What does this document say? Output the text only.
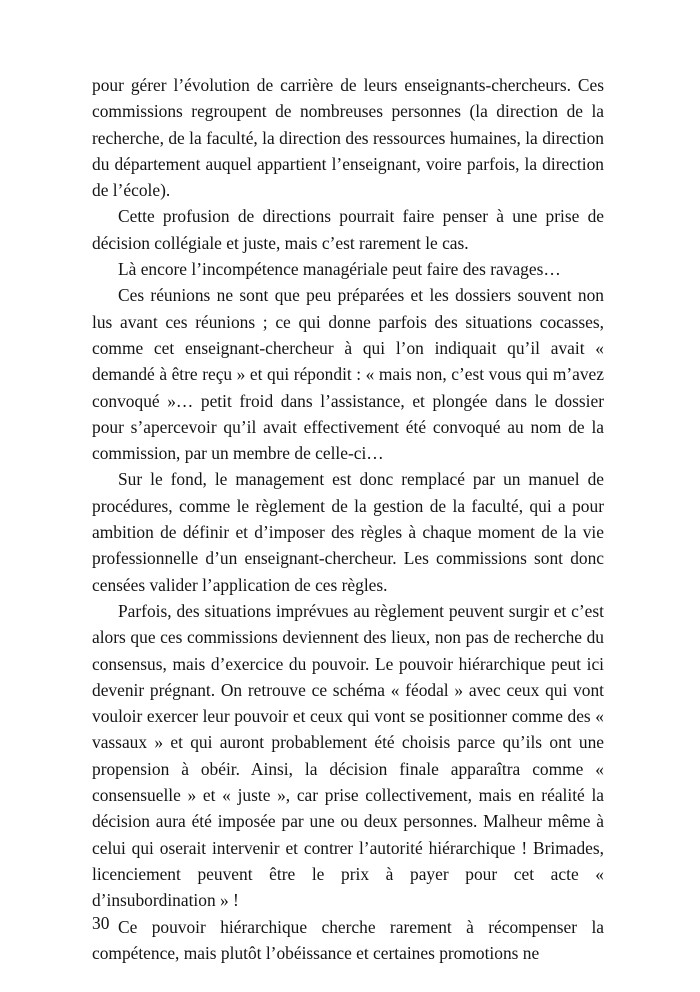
pour gérer l’évolution de carrière de leurs enseignants-chercheurs. Ces commissions regroupent de nombreuses personnes (la direction de la recherche, de la faculté, la direction des ressources humaines, la direction du département auquel appartient l’enseignant, voire parfois, la direction de l’école).

Cette profusion de directions pourrait faire penser à une prise de décision collégiale et juste, mais c’est rarement le cas.

Là encore l’incompétence managériale peut faire des ravages…

Ces réunions ne sont que peu préparées et les dossiers souvent non lus avant ces réunions ; ce qui donne parfois des situations cocasses, comme cet enseignant-chercheur à qui l’on indiquait qu’il avait « demandé à être reçu » et qui répondit : « mais non, c’est vous qui m’avez convoqué »… petit froid dans l’assistance, et plongée dans le dossier pour s’apercevoir qu’il avait effectivement été convoqué au nom de la commission, par un membre de celle-ci…

Sur le fond, le management est donc remplacé par un manuel de procédures, comme le règlement de la gestion de la faculté, qui a pour ambition de définir et d’imposer des règles à chaque moment de la vie professionnelle d’un enseignant-chercheur. Les commissions sont donc censées valider l’application de ces règles.

Parfois, des situations imprévues au règlement peuvent surgir et c’est alors que ces commissions deviennent des lieux, non pas de recherche du consensus, mais d’exercice du pouvoir. Le pouvoir hiérarchique peut ici devenir prégnant. On retrouve ce schéma « féodal » avec ceux qui vont vouloir exercer leur pouvoir et ceux qui vont se positionner comme des « vassaux » et qui auront probablement été choisis parce qu’ils ont une propension à obéir. Ainsi, la décision finale apparaîtra comme « consensuelle » et « juste », car prise collectivement, mais en réalité la décision aura été imposée par une ou deux personnes. Malheur même à celui qui oserait intervenir et contrer l’autorité hiérarchique ! Brimades, licenciement peuvent être le prix à payer pour cet acte « d’insubordination » !

Ce pouvoir hiérarchique cherche rarement à récompenser la compétence, mais plutôt l’obéissance et certaines promotions ne

30
